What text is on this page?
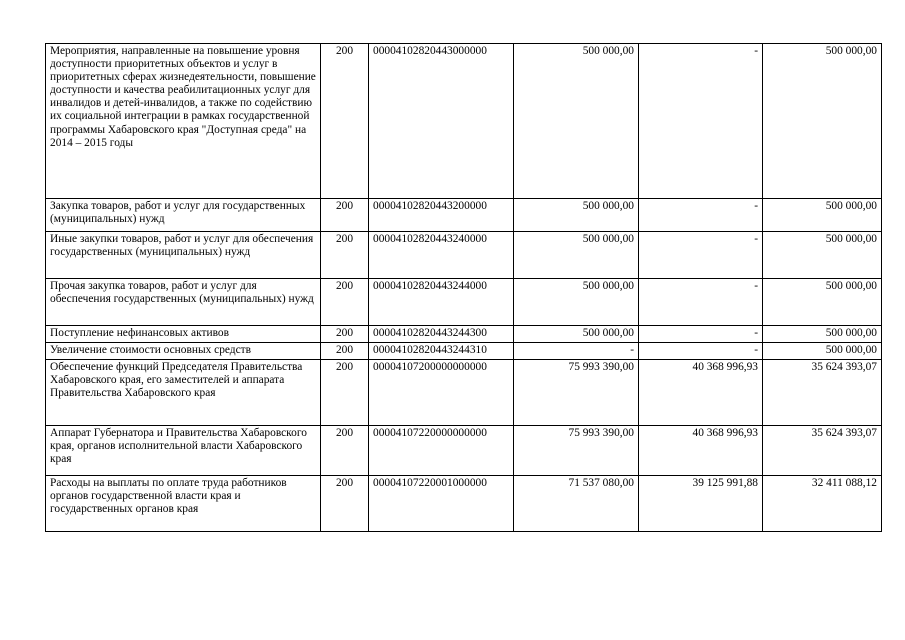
Мероприятия, направленные на повышение уровня доступности приоритетных объектов и услуг в приоритетных сферах жизнедеятельности, повышение доступности и качества реабилитационных услуг для инвалидов и детей-инвалидов, а также по содействию их социальной интеграции в рамках государственной программы Хабаровского края "Доступная среда" на 2014 – 2015 годы	200	00004102820443000000	500 000,00	-	500 000,00

Закупка товаров, работ и услуг для государственных (муниципальных) нужд	200	00004102820443200000	500 000,00	-	500 000,00

Иные закупки товаров, работ и услуг для обеспечения государственных (муниципальных) нужд	200	00004102820443240000	500 000,00	-	500 000,00

Прочая закупка товаров, работ и услуг для обеспечения государственных (муниципальных) нужд	200	00004102820443244000	500 000,00	-	500 000,00

Поступление нефинансовых активов	200	00004102820443244300	500 000,00	-	500 000,00

Увеличение стоимости основных средств	200	00004102820443244310	-	-	500 000,00

Обеспечение функций Председателя Правительства Хабаровского края, его заместителей и аппарата Правительства Хабаровского края	200	00004107200000000000	75 993 390,00	40 368 996,93	35 624 393,07

Аппарат Губернатора и Правительства Хабаровского края, органов исполнительной власти Хабаровского края	200	00004107220000000000	75 993 390,00	40 368 996,93	35 624 393,07

Расходы на выплаты по оплате труда работников органов государственной власти края и государственных органов края	200	00004107220001000000	71 537 080,00	39 125 991,88	32 411 088,12
